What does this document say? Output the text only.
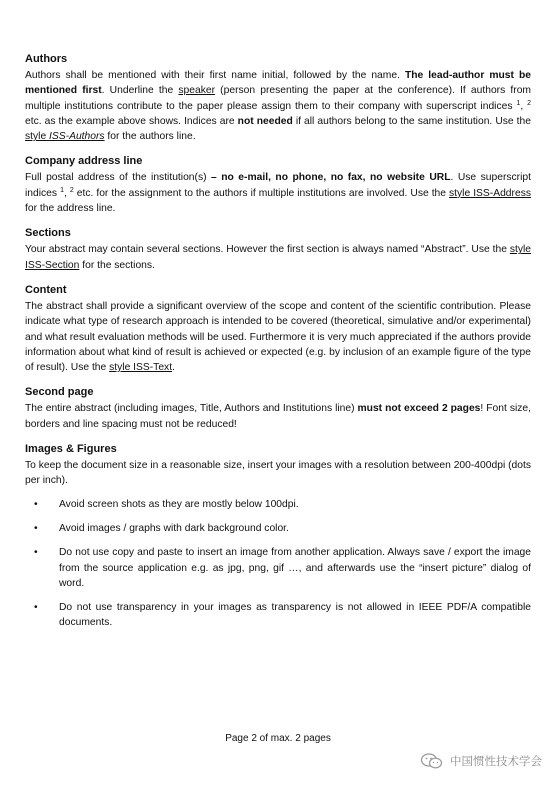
Authors

Authors shall be mentioned with their first name initial, followed by the name. The lead-author must be mentioned first. Underline the speaker (person presenting the paper at the conference). If authors from multiple institutions contribute to the paper please assign them to their company with superscript indices $^1$, $^2$ etc. as the example above shows. Indices are not needed if all authors belong to the same institution. Use the style ISS-Authors for the authors line.

Company address line

Full postal address of the institution(s) – no e-mail, no phone, no fax, no website URL. Use superscript indices $^1$, $^2$ etc. for the assignment to the authors if multiple institutions are involved. Use the style ISS-Address for the address line.

Sections

Your abstract may contain several sections. However the first section is always named “Abstract”. Use the style ISS-Section for the sections.

Content

The abstract shall provide a significant overview of the scope and content of the scientific contribution. Please indicate what type of research approach is intended to be covered (theoretical, simulative and/or experimental) and what result evaluation methods will be used. Furthermore it is very much appreciated if the authors provide information about what kind of result is achieved or expected (e.g. by inclusion of an example figure of the type of result). Use the style ISS-Text.

Second page

The entire abstract (including images, Title, Authors and Institutions line) must not exceed 2 pages! Font size, borders and line spacing must not be reduced!

Images & Figures

To keep the document size in a reasonable size, insert your images with a resolution between 200-400dpi (dots per inch).

• Avoid screen shots as they are mostly below 100dpi.
• Avoid images / graphs with dark background color.
• Do not use copy and paste to insert an image from another application. Always save / export the image from the source application e.g. as jpg, png, gif …, and afterwards use the “insert picture” dialog of word.
• Do not use transparency in your images as transparency is not allowed in IEEE PDF/A compatible documents.
Page 2 of max. 2 pages
中国惯性技术学会
